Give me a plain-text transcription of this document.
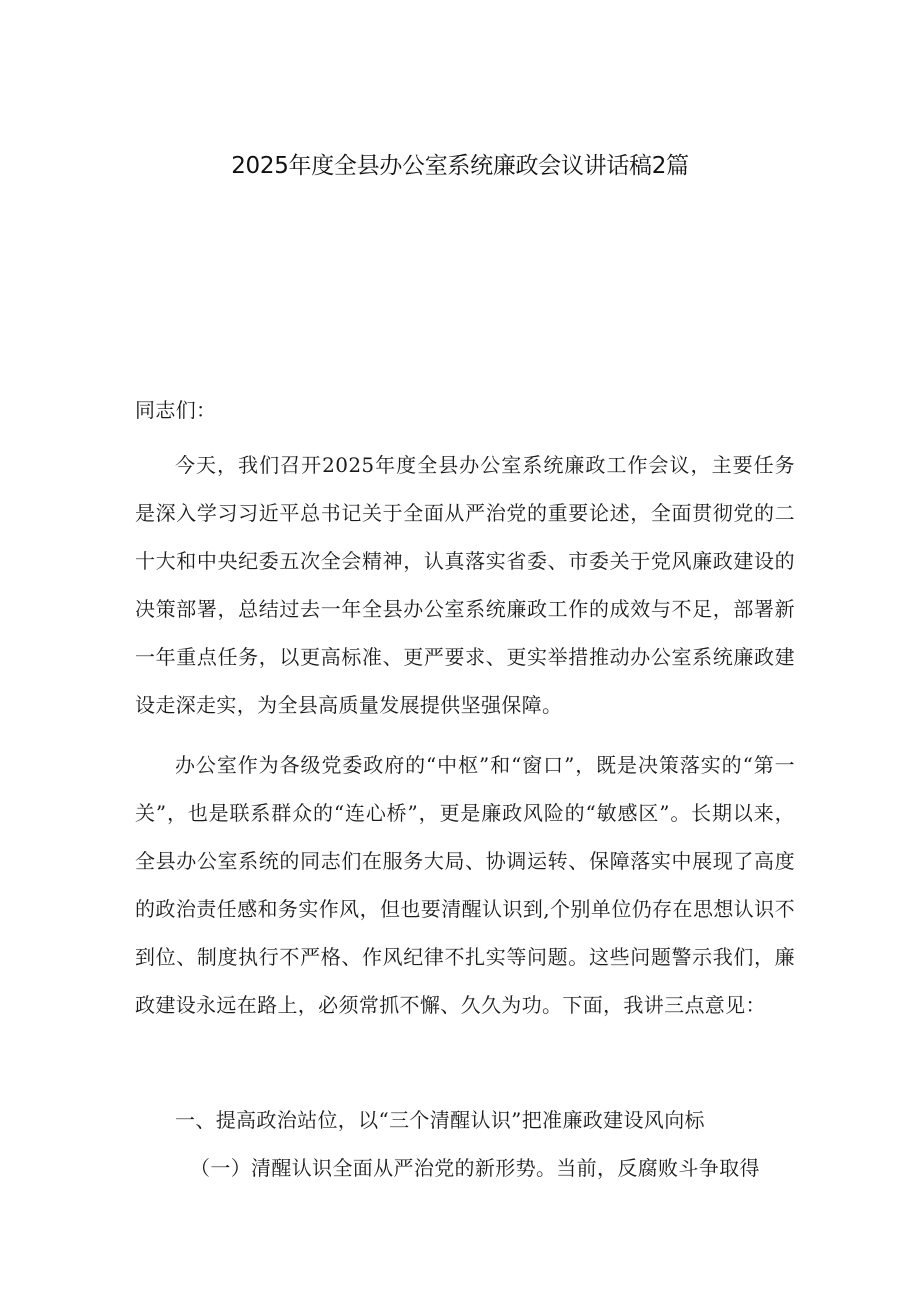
2025年度全县办公室系统廉政会议讲话稿2篇

同志们：

今天，我们召开2025年度全县办公室系统廉政工作会议，主要任务是深入学习习近平总书记关于全面从严治党的重要论述，全面贯彻党的二十大和中央纪委五次全会精神，认真落实省委、市委关于党风廉政建设的决策部署，总结过去一年全县办公室系统廉政工作的成效与不足，部署新一年重点任务，以更高标准、更严要求、更实举措推动办公室系统廉政建设走深走实，为全县高质量发展提供坚强保障。

办公室作为各级党委政府的“中枢”和“窗口”，既是决策落实的“第一关”，也是联系群众的“连心桥”，更是廉政风险的“敏感区”。长期以来，全县办公室系统的同志们在服务大局、协调运转、保障落实中展现了高度的政治责任感和务实作风，但也要清醒认识到,个别单位仍存在思想认识不到位、制度执行不严格、作风纪律不扎实等问题。这些问题警示我们，廉政建设永远在路上，必须常抓不懈、久久为功。下面，我讲三点意见：

一、提高政治站位，以“三个清醒认识”把准廉政建设风向标

（一）清醒认识全面从严治党的新形势。当前，反腐败斗争取得
